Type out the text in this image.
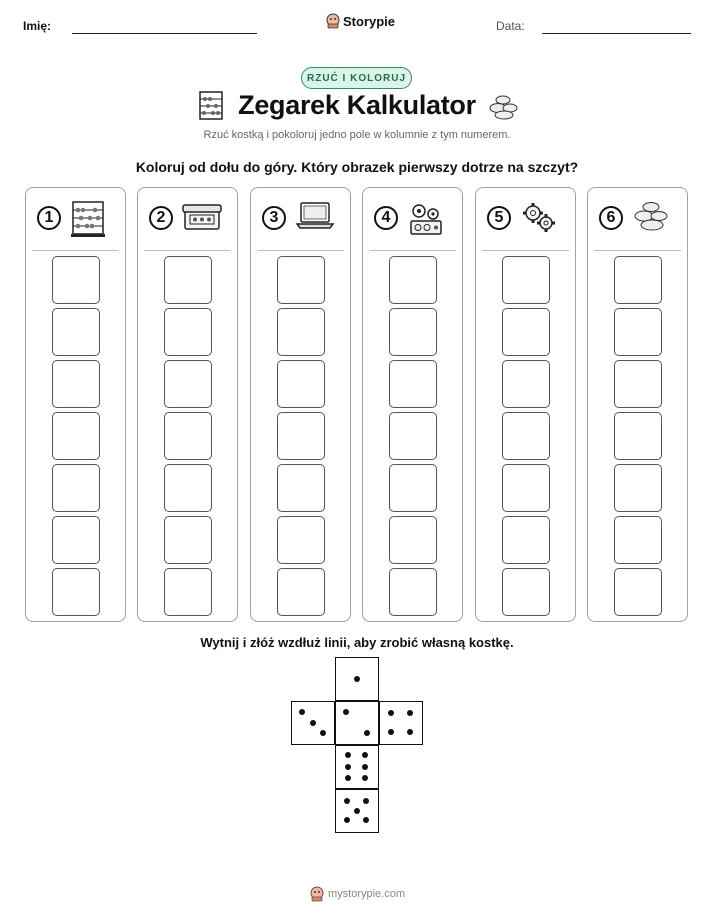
Imię:	Storypie	Data:
RZUĆ I KOLORUJ
Zegarek Kalkulator
Rzuć kostką i pokoloruj jedno pole w kolumnie z tym numerem.
Koloruj od dołu do góry. Który obrazek pierwszy dotrze na szczyt?
1	2	3	4	5	6
Wytnij i złóż wzdłuż linii, aby zrobić własną kostkę.
mystorypie.com
